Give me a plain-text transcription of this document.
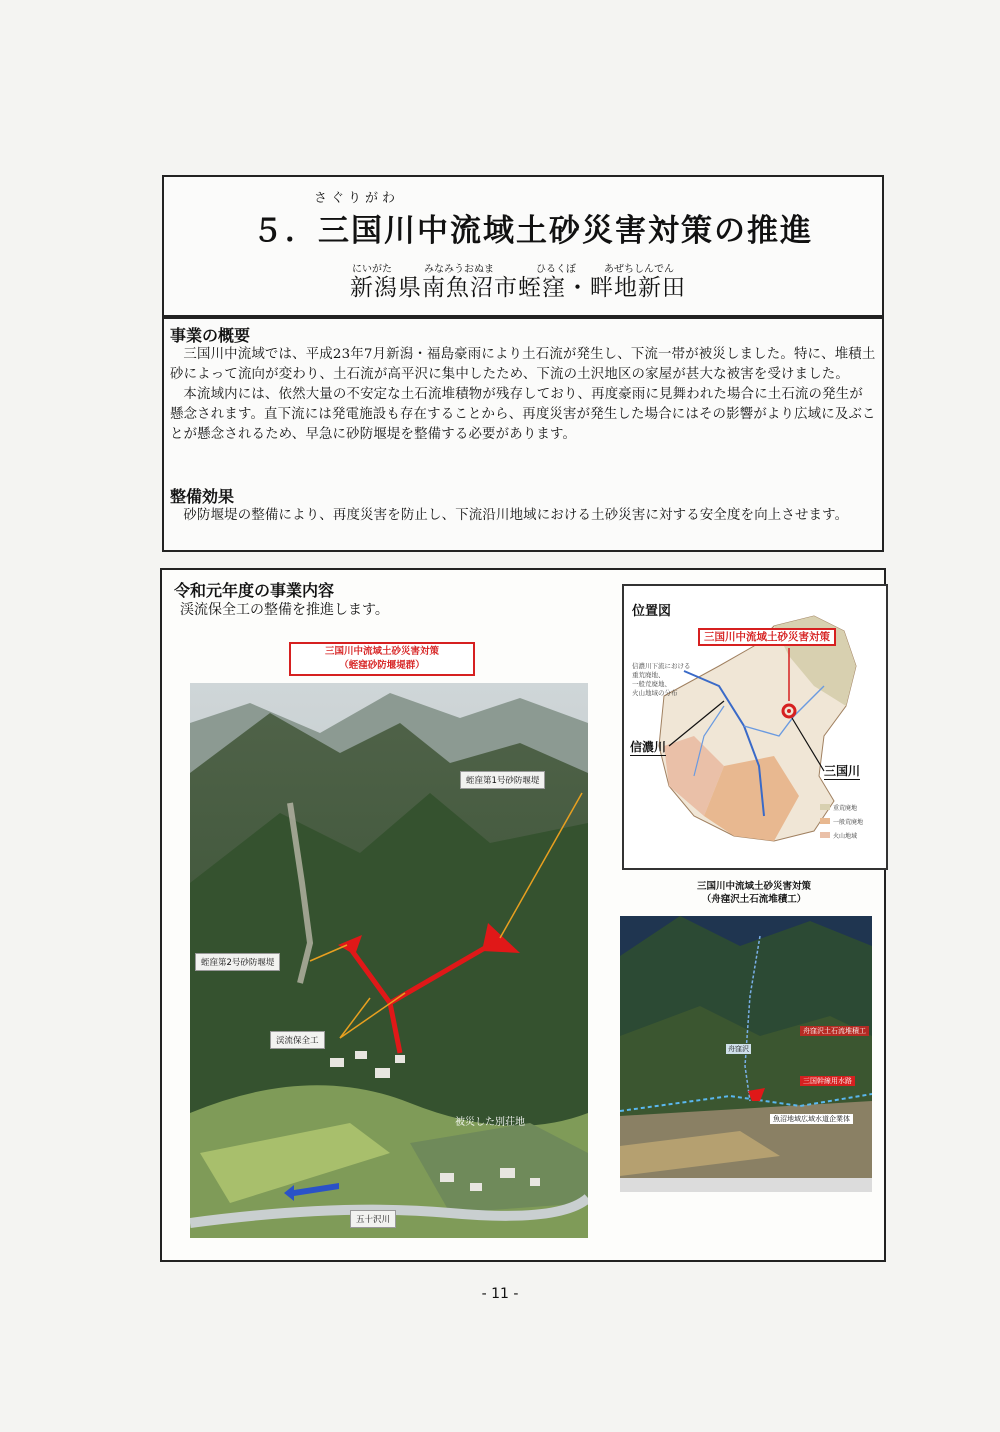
さぐりがわ
５．三国川中流域土砂災害対策の推進
にいがた	みなみうおぬま	ひるくぼ	あぜちしんでん
新潟県南魚沼市蛭窪・畔地新田
事業の概要

三国川中流域では、平成23年7月新潟・福島豪雨により土石流が発生し、下流一帯が被災しました。特に、堆積土砂によって流向が変わり、土石流が高平沢に集中したため、下流の土沢地区の家屋が甚大な被害を受けました。

本流域内には、依然大量の不安定な土石流堆積物が残存しており、再度豪雨に見舞われた場合に土石流の発生が懸念されます。直下流には発電施設も存在することから、再度災害が発生した場合にはその影響がより広域に及ぶことが懸念されるため、早急に砂防堰堤を整備する必要があります。

整備効果

砂防堰堤の整備により、再度災害を防止し、下流沿川地域における土砂災害に対する安全度を向上させます。

令和元年度の事業内容
渓流保全工の整備を推進します。
三国川中流域土砂災害対策
（蛭窪砂防堰堤群）
蛭窪第1号砂防堰堤
蛭窪第2号砂防堰堤
渓流保全工
被災した別荘地
五十沢川
位置図
三国川中流域土砂災害対策
信濃川下流における
重荒廃地、
一般荒廃地、
火山地域の分布
信濃川
三国川
重荒廃地
一般荒廃地
火山地域
三国川中流域土砂災害対策
（舟窪沢土石流堆積工）
舟窪沢土石流堆積工
三国幹線用水路
魚沼地域広域水道企業体
舟窪沢
- 11 -
